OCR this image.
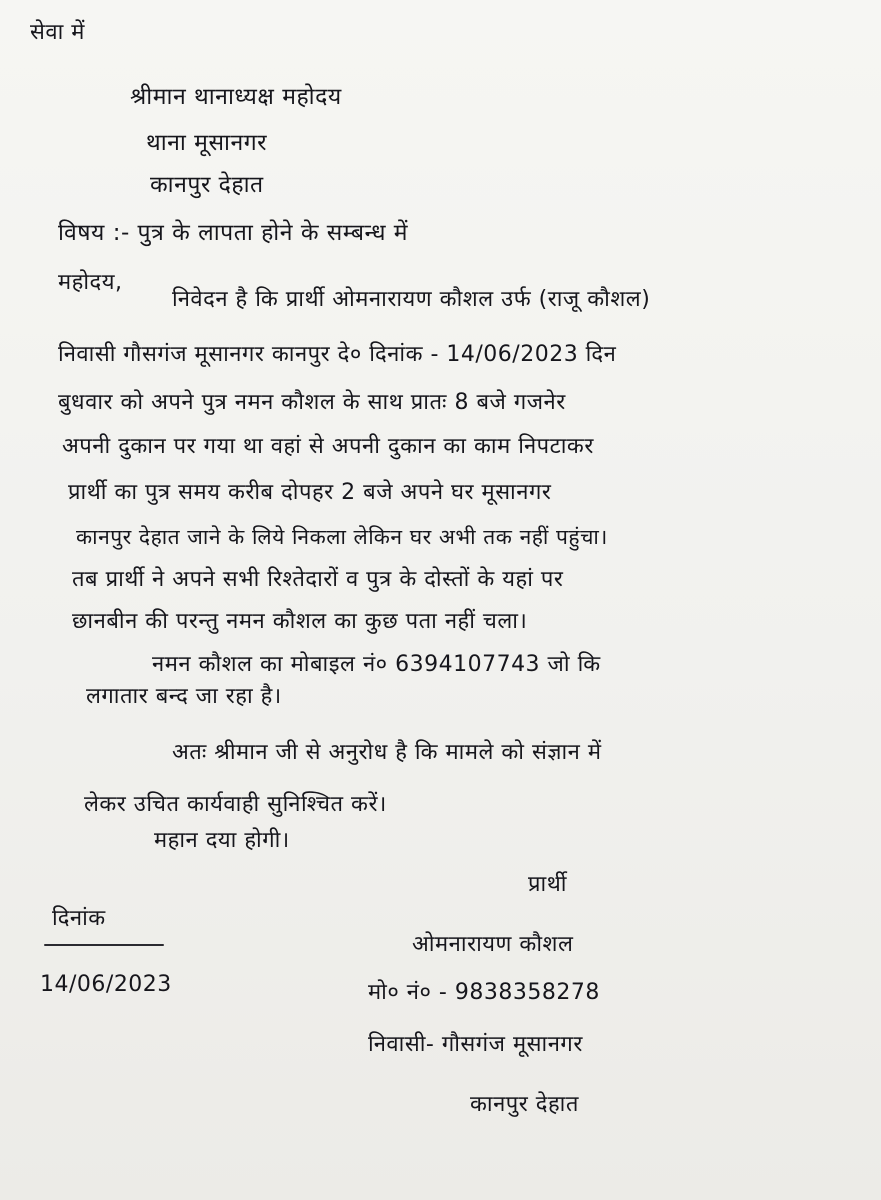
सेवा में
श्रीमान थानाध्यक्ष महोदय
थाना मूसानगर
कानपुर देहात
विषय :- पुत्र के लापता होने के सम्बन्ध में
महोदय,
निवेदन है कि प्रार्थी ओमनारायण कौशल उर्फ (राजू कौशल)
निवासी गौसगंज मूसानगर कानपुर दे० दिनांक - 14/06/2023 दिन
बुधवार को अपने पुत्र नमन कौशल के साथ प्रातः 8 बजे गजनेर
अपनी दुकान पर गया था वहां से अपनी दुकान का काम निपटाकर
प्रार्थी का पुत्र समय करीब दोपहर 2 बजे अपने घर मूसानगर
कानपुर देहात जाने के लिये निकला लेकिन घर अभी तक नहीं पहुंचा।
तब प्रार्थी ने अपने सभी रिश्तेदारों व पुत्र के दोस्तों के यहां पर
छानबीन की परन्तु नमन कौशल का कुछ पता नहीं चला।
नमन कौशल का मोबाइल नं० 6394107743 जो कि
लगातार बन्द जा रहा है।
अतः श्रीमान जी से अनुरोध है कि मामले को संज्ञान में
लेकर उचित कार्यवाही सुनिश्चित करें।
महान दया होगी।
प्रार्थी
दिनांक
14/06/2023
ओमनारायण कौशल
मो० नं० - 9838358278
निवासी- गौसगंज मूसानगर
कानपुर देहात
